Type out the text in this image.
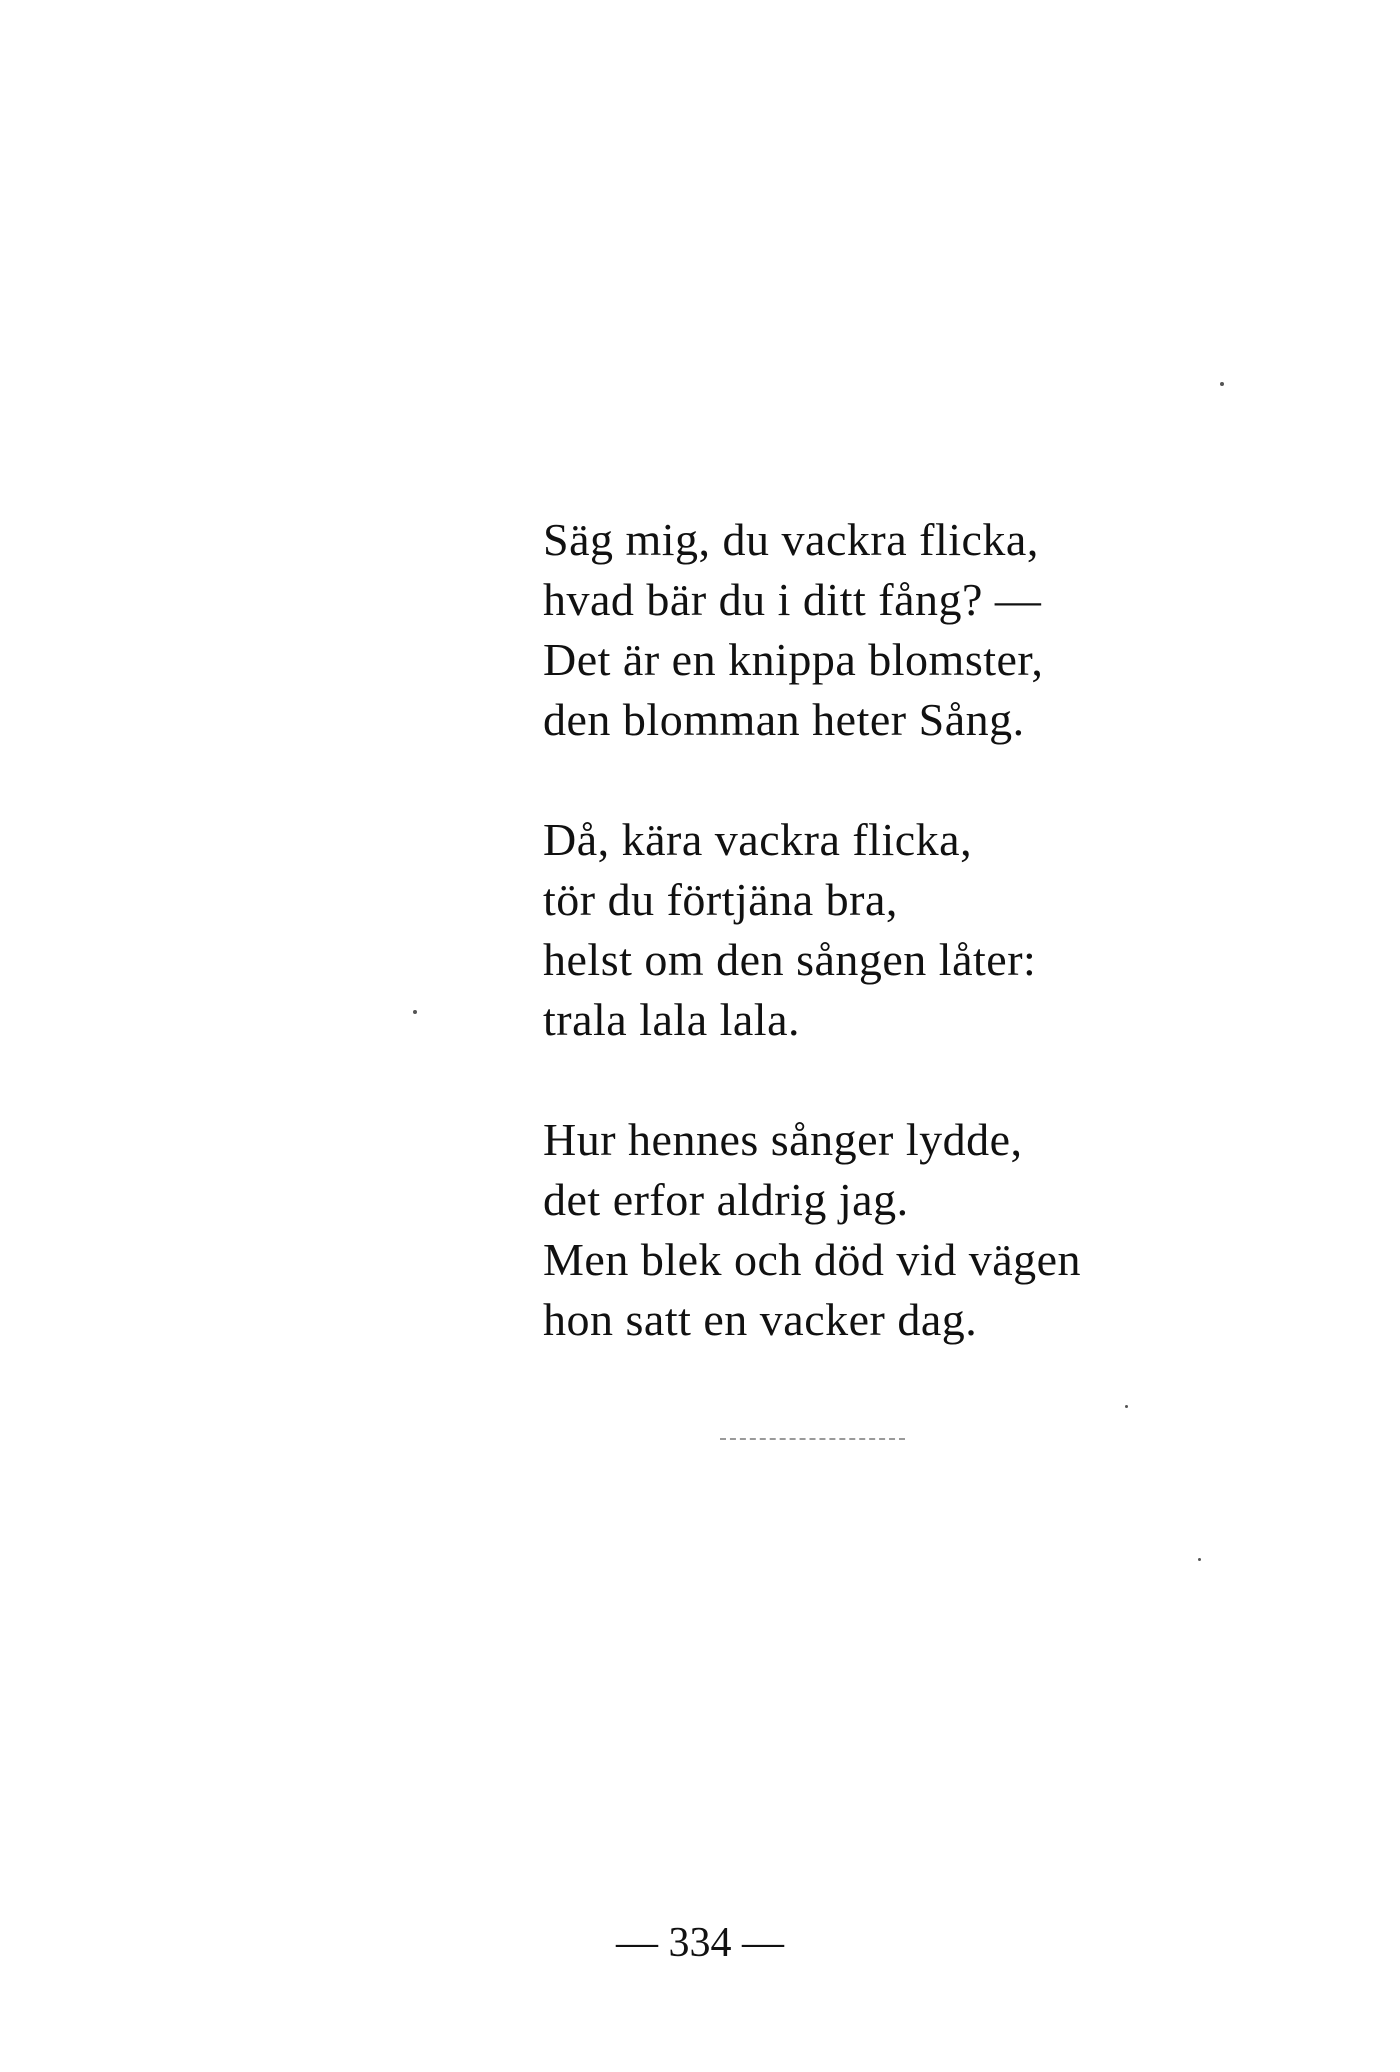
Säg mig, du vackra flicka,
hvad bär du i ditt fång? —
Det är en knippa blomster,
den blomman heter Sång.
Då, kära vackra flicka,
tör du förtjäna bra,
helst om den sången låter:
trala lala lala.
Hur hennes sånger lydde,
det erfor aldrig jag.
Men blek och död vid vägen
hon satt en vacker dag.
— 334 —
